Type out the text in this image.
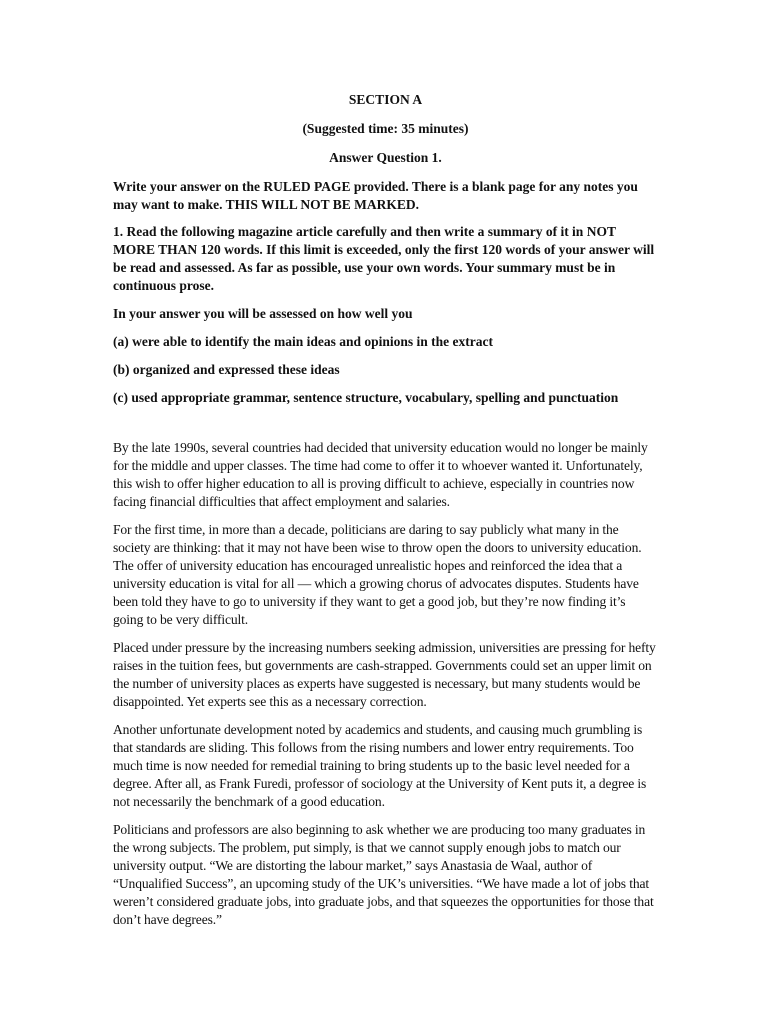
SECTION A
(Suggested time: 35 minutes)
Answer Question 1.

Write your answer on the RULED PAGE provided. There is a blank page for any notes you may want to make. THIS WILL NOT BE MARKED.

1. Read the following magazine article carefully and then write a summary of it in NOT MORE THAN 120 words. If this limit is exceeded, only the first 120 words of your answer will be read and assessed. As far as possible, use your own words. Your summary must be in continuous prose.

In your answer you will be assessed on how well you

(a) were able to identify the main ideas and opinions in the extract

(b) organized and expressed these ideas

(c) used appropriate grammar, sentence structure, vocabulary, spelling and punctuation

By the late 1990s, several countries had decided that university education would no longer be mainly for the middle and upper classes. The time had come to offer it to whoever wanted it. Unfortunately, this wish to offer higher education to all is proving difficult to achieve, especially in countries now facing financial difficulties that affect employment and salaries.

For the first time, in more than a decade, politicians are daring to say publicly what many in the society are thinking: that it may not have been wise to throw open the doors to university education. The offer of university education has encouraged unrealistic hopes and reinforced the idea that a university education is vital for all — which a growing chorus of advocates disputes. Students have been told they have to go to university if they want to get a good job, but they’re now finding it’s going to be very difficult.

Placed under pressure by the increasing numbers seeking admission, universities are pressing for hefty raises in the tuition fees, but governments are cash-strapped. Governments could set an upper limit on the number of university places as experts have suggested is necessary, but many students would be disappointed. Yet experts see this as a necessary correction.

Another unfortunate development noted by academics and students, and causing much grumbling is that standards are sliding. This follows from the rising numbers and lower entry requirements. Too much time is now needed for remedial training to bring students up to the basic level needed for a degree. After all, as Frank Furedi, professor of sociology at the University of Kent puts it, a degree is not necessarily the benchmark of a good education.

Politicians and professors are also beginning to ask whether we are producing too many graduates in the wrong subjects. The problem, put simply, is that we cannot supply enough jobs to match our university output. “We are distorting the labour market,” says Anastasia de Waal, author of “Unqualified Success”, an upcoming study of the UK’s universities. “We have made a lot of jobs that weren’t considered graduate jobs, into graduate jobs, and that squeezes the opportunities for those that don’t have degrees.”
